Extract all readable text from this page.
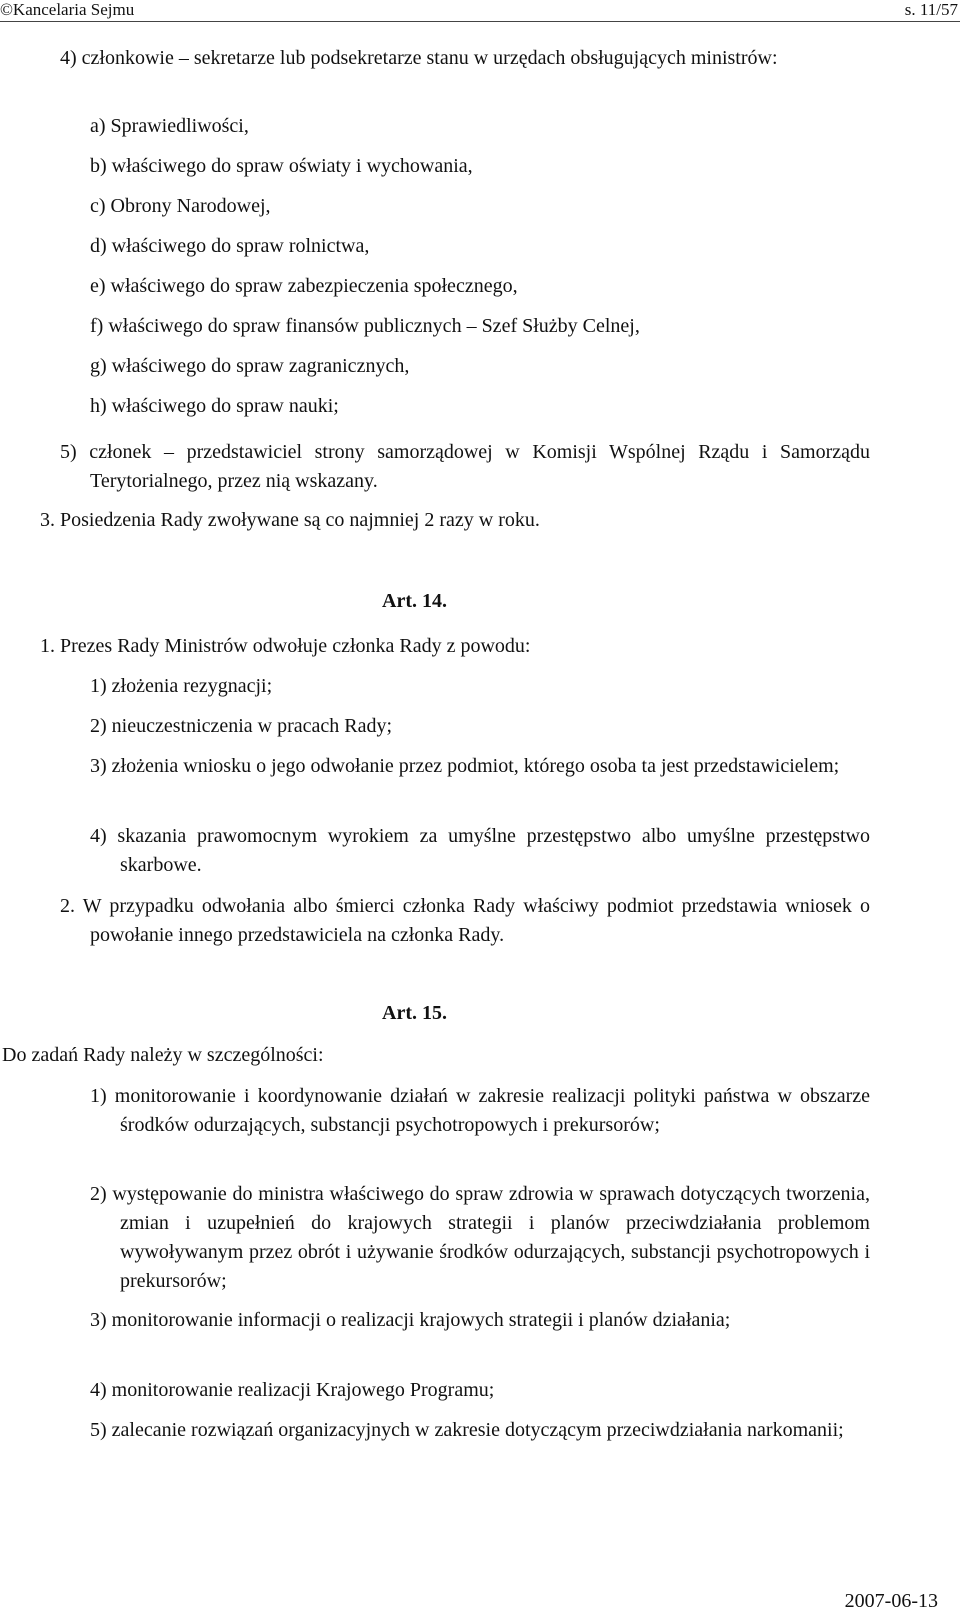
©Kancelaria Sejmu	s. 11/57
4) członkowie – sekretarze lub podsekretarze stanu w urzędach obsługujących ministrów:
a) Sprawiedliwości,
b) właściwego do spraw oświaty i wychowania,
c) Obrony Narodowej,
d) właściwego do spraw rolnictwa,
e) właściwego do spraw zabezpieczenia społecznego,
f) właściwego do spraw finansów publicznych – Szef Służby Celnej,
g) właściwego do spraw zagranicznych,
h) właściwego do spraw nauki;
5) członek – przedstawiciel strony samorządowej w Komisji Wspólnej Rządu i Samorządu Terytorialnego, przez nią wskazany.
3. Posiedzenia Rady zwoływane są co najmniej 2 razy w roku.
Art. 14.
1. Prezes Rady Ministrów odwołuje członka Rady z powodu:
1) złożenia rezygnacji;
2) nieuczestniczenia w pracach Rady;
3) złożenia wniosku o jego odwołanie przez podmiot, którego osoba ta jest przedstawicielem;
4) skazania prawomocnym wyrokiem za umyślne przestępstwo albo umyślne przestępstwo skarbowe.
2. W przypadku odwołania albo śmierci członka Rady właściwy podmiot przedstawia wniosek o powołanie innego przedstawiciela na członka Rady.
Art. 15.
Do zadań Rady należy w szczególności:
1) monitorowanie i koordynowanie działań w zakresie realizacji polityki państwa w obszarze środków odurzających, substancji psychotropowych i prekursorów;
2) występowanie do ministra właściwego do spraw zdrowia w sprawach dotyczących tworzenia, zmian i uzupełnień do krajowych strategii i planów przeciwdziałania problemom wywoływanym przez obrót i używanie środków odurzających, substancji psychotropowych i prekursorów;
3) monitorowanie informacji o realizacji krajowych strategii i planów działania;
4) monitorowanie realizacji Krajowego Programu;
5) zalecanie rozwiązań organizacyjnych w zakresie dotyczącym przeciwdziałania narkomanii;
2007-06-13
